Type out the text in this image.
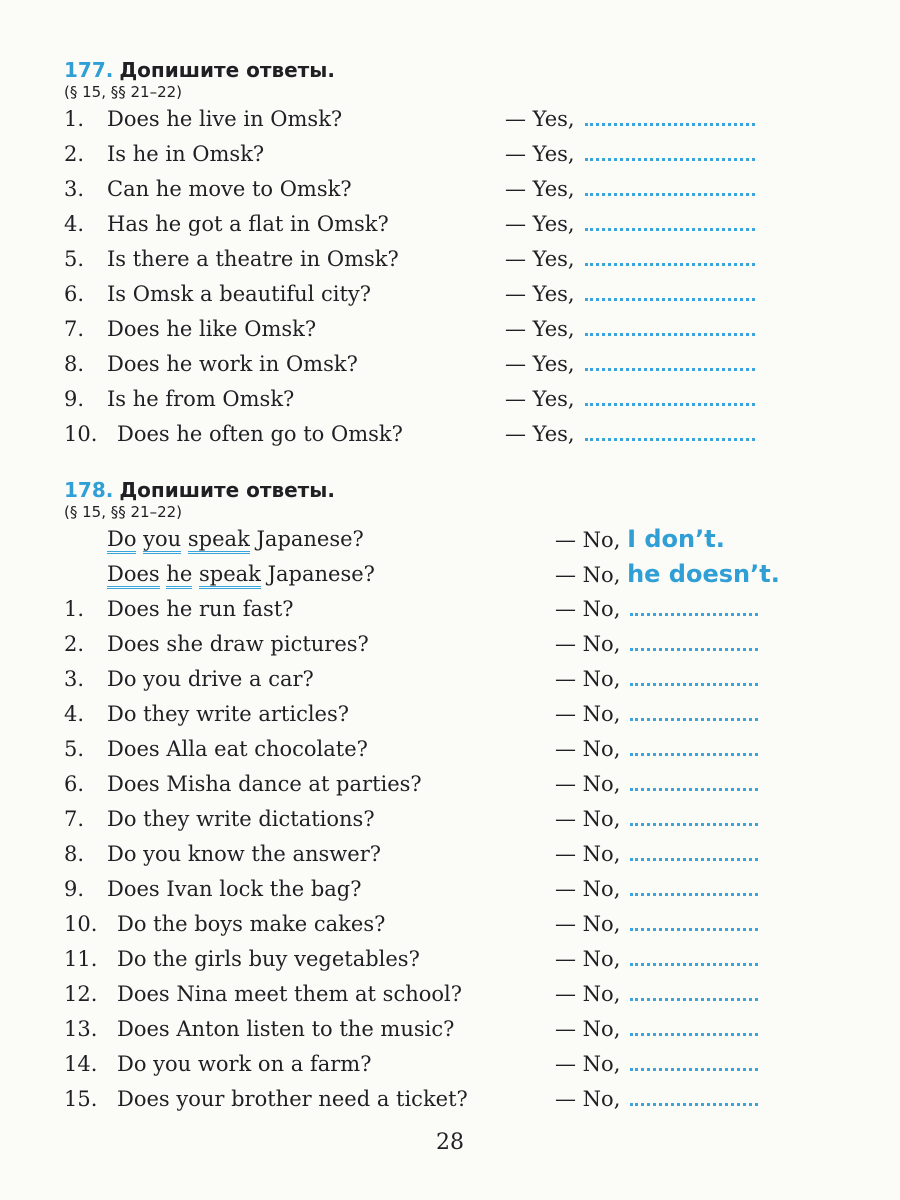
177. Допишите ответы.
(§ 15, §§ 21–22)
1. Does he live in Omsk?	— Yes,
2. Is he in Omsk?	— Yes,
3. Can he move to Omsk?	— Yes,
4. Has he got a flat in Omsk?	— Yes,
5. Is there a theatre in Omsk?	— Yes,
6. Is Omsk a beautiful city?	— Yes,
7. Does he like Omsk?	— Yes,
8. Does he work in Omsk?	— Yes,
9. Is he from Omsk?	— Yes,
10. Does he often go to Omsk?	— Yes,
178. Допишите ответы.
(§ 15, §§ 21–22)
Do you speak Japanese?	— No, I don’t.
Does he speak Japanese?	— No, he doesn’t.
1. Does he run fast?	— No,
2. Does she draw pictures?	— No,
3. Do you drive a car?	— No,
4. Do they write articles?	— No,
5. Does Alla eat chocolate?	— No,
6. Does Misha dance at parties?	— No,
7. Do they write dictations?	— No,
8. Do you know the answer?	— No,
9. Does Ivan lock the bag?	— No,
10. Do the boys make cakes?	— No,
11. Do the girls buy vegetables?	— No,
12. Does Nina meet them at school?	— No,
13. Does Anton listen to the music?	— No,
14. Do you work on a farm?	— No,
15. Does your brother need a ticket?	— No,
28
